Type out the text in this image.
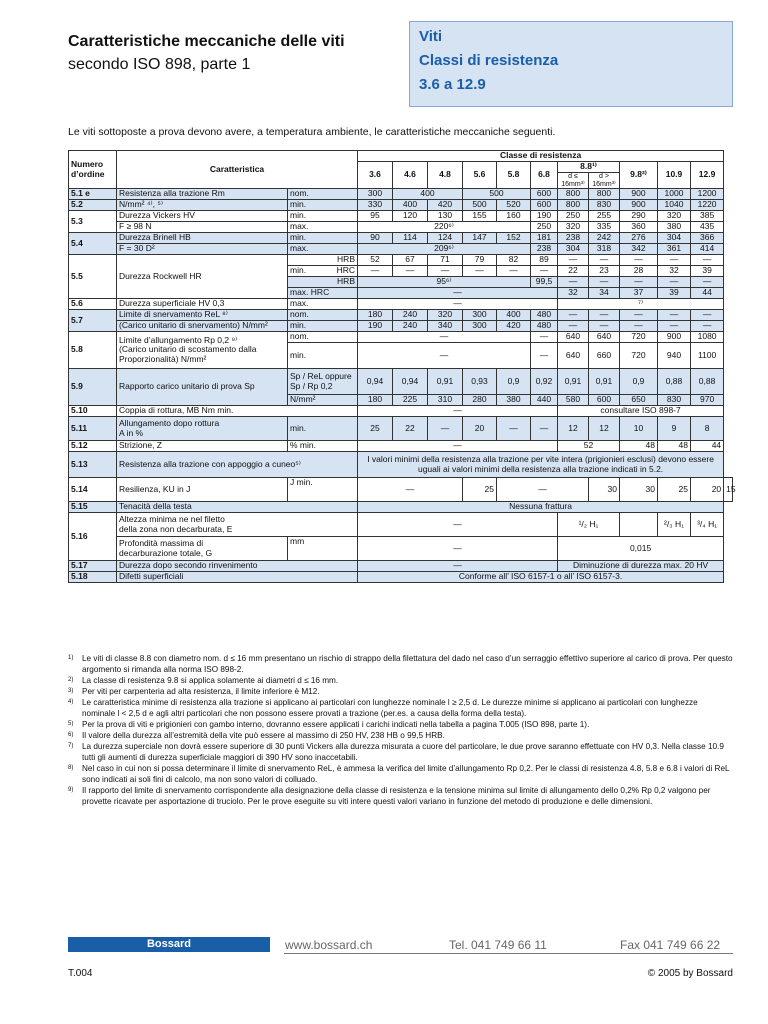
Caratteristiche meccaniche delle viti
secondo ISO 898, parte 1
Viti
Classi di resistenza
3.6 a 12.9
Le viti sottoposte a prova devono avere, a temperatura ambiente, le caratteristiche meccaniche seguenti.
Numero d’ordine	Caratteristica		Classe di resistenza											
			3.6	4.6	4.8	5.6	5.8	6.8	8.8¹⁾		9.8²⁾	10.9	12.9	
									d ≤ 16mm³⁾	d > 16mm³⁾				

5.1 e	Resistenza alla trazione Rm	nom.	300	400		500		600	800	800	900	1000	1200	
5.2	N/mm² ⁴⁾, ⁵⁾	min.	330	400	420	500	520	600	800	830	900	1040	1220	
5.3	Durezza Vickers HV	min.	95	120	130	155	160	190	250	255	290	320	385	
	F ≥ 98 N	max.	220⁶⁾					250	320	335	360	380	435	
5.4	Durezza Brinell HB	min.	90	114	124	147	152	181	238	242	276	304	366	
	F = 30 D²	max.	209⁶⁾					238	304	318	342	361	414	
5.5	Durezza Rockwell HR	HRB	52	67	71	79	82	89	—	—	—	—	—	
		min. HRC	—	—	—	—	—	—	22	23	28	32	39	
		HRB	95⁶⁾					99,5	—	—	—	—	—	
		max. HRC	—						32	34	37	39	44	
5.6	Durezza superficiale HV 0,3	max.	—						⁷⁾					
5.7	Limite di snervamento ReL ⁸⁾	nom.	180	240	320	300	400	480	—	—	—	—	—	
	(Carico unitario di snervamento) N/mm²	min.	190	240	340	300	420	480	—	—	—	—	—	
5.8	Limite d’allungamento Rp 0,2 ⁹⁾
(Carico unitario di scostamento dalla Proporzionalità) N/mm²	nom.	—					—	640	640	720	900	1080	
		min.	—					—	640	660	720	940	1100	
5.9	Rapporto carico unitario di prova Sp	Sp / ReL oppure
Sp / Rp 0,2	0,94	0,94	0,91	0,93	0,9	0,92	0,91	0,91	0,9	0,88	0,88	
		N/mm²	180	225	310	280	380	440	580	600	650	830	970	
5.10	Coppia di rottura, MB Nm min.		—						consultare ISO 898-7					
5.11	Allungamento dopo rottura
A in %	min.	25	22	—	20	—	—	12	12	10	9	8	
5.12	Strizione, Z	% min.	—						52		48	48	44	
5.13	Resistenza alla trazione con appoggio a cuneo⁵⁾		I valori minimi della resistenza alla trazione per vite intera (prigionieri esclusi) devono essere uguali ai valori minimi della resistenza alla trazione indicati in 5.2.											
5.14	Resilienza, KU in J	J min.	—			25	—			30	30	25	20	15
5.15	Tenacità della testa		Nessuna frattura											
5.16	Altezza minima ne nel filetto
della zona non decarburata, E		—						¹/₂ H₁			²/₃ H₁	³/₄ H₁	
	Profondità massima di
decarburazione totale, G	mm	—						0,015					
5.17	Durezza dopo secondo rinvenimento		—						Diminuzione di durezza max. 20 HV					
5.18	Difetti superficiali		Conforme all’ ISO 6157-1 o all’ ISO 6157-3.											
1)	Le viti di classe 8.8 con diametro nom. d ≤ 16 mm presentano un rischio di strappo della filettatura del dado nel caso d’un serraggio effettivo superiore al carico di prova. Per questo argomento si rimanda alla norma ISO 898-2.
2)	La classe di resistenza 9.8 si applica solamente ai diametri d ≤ 16 mm.
3)	Per viti per carpenteria ad alta resistenza, il limite inferiore è M12.
4)	Le caratteristica minime di resistenza alla trazione si applicano ai particolari con lunghezze nominale l ≥ 2,5 d. Le durezze minime si applicano ai particolari con lunghezze nominale l < 2,5 d e agli altri particolari che non possono essere provati a trazione (per.es. a causa della forma della testa).
5)	Per la prova di viti e prigionieri con gambo interno, dovranno essere applicati i carichi indicati nella tabella a pagina T.005 (ISO 898, parte 1).
6)	Il valore della durezza all’estremità della vite può essere al massimo di 250 HV, 238 HB o 99,5 HRB.
7)	La durezza superciale non dovrà essere superiore di 30 punti Vickers alla durezza misurata a cuore del particolare, le due prove saranno effettuate con HV 0,3. Nella classe 10.9 tutti gli aumenti di durezza superficiale maggiori di 390 HV sono inaccetabili.
8)	Nel caso in cui non si possa determinare il limite di snervamento ReL, è ammesa la verifica del limite d’allungamento Rp 0,2. Per le classi di resistenza 4.8, 5.8 e 6.8 i valori di ReL sono indicati ai soli fini di calcolo, ma non sono valori di colluado.
9)	Il rapporto del limite di snervamento corrispondente alla designazione della classe di resistenza e la tensione minima sul limite di allungamento dello 0,2% Rp 0,2 valgono per provette ricavate per asportazione di truciolo. Per le prove eseguite su viti intere questi valori variano in funzione del metodo di produzione e delle dimensioni.
Bossard	www.bossard.ch	Tel. 041 749 66 11	Fax 041 749 66 22
T.004	© 2005 by Bossard
